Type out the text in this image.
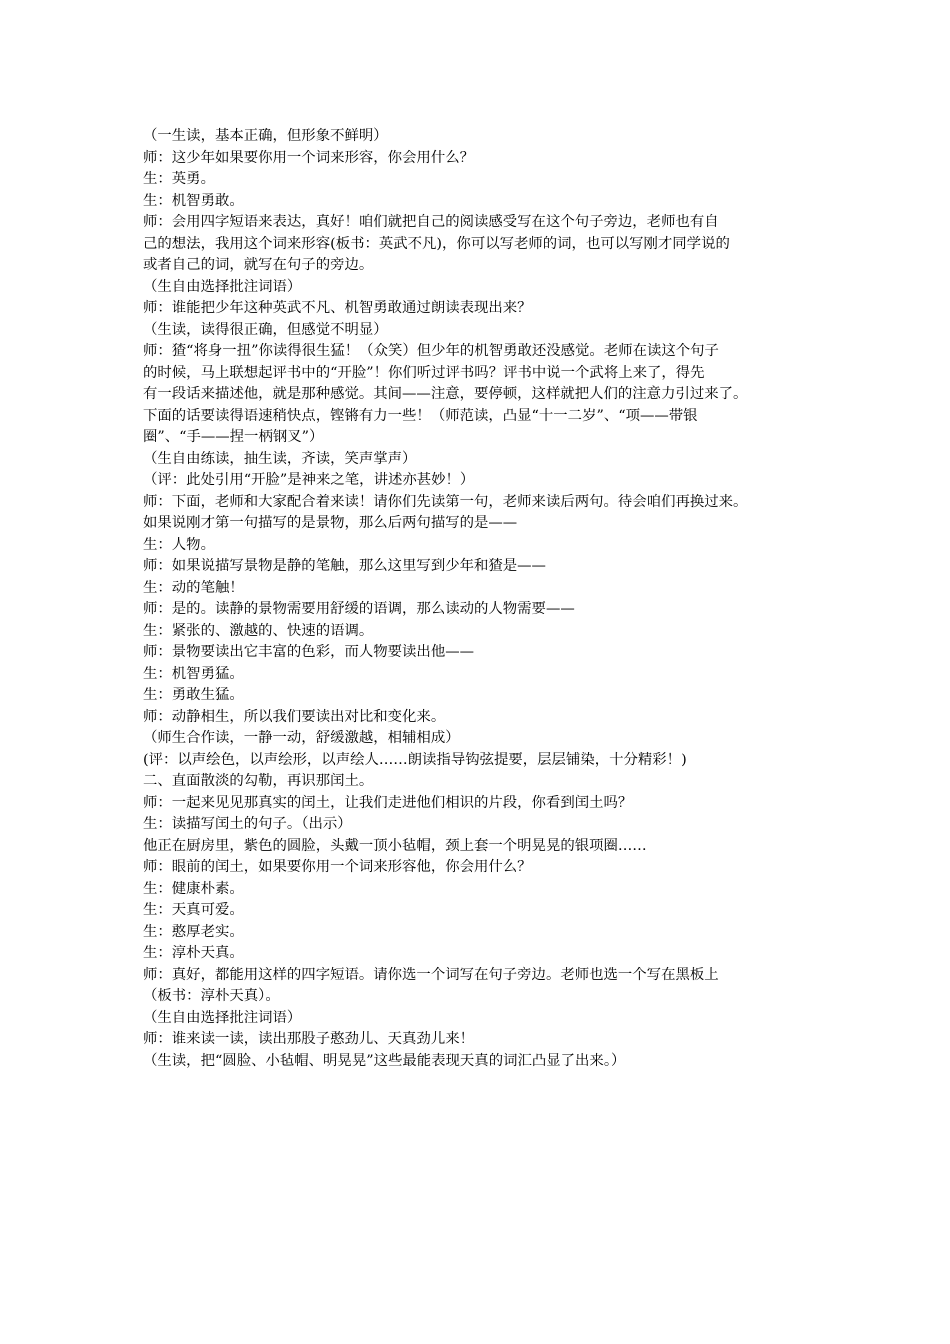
（一生读，基本正确，但形象不鲜明）
师：这少年如果要你用一个词来形容，你会用什么？
生：英勇。
生：机智勇敢。
师：会用四字短语来表达，真好！咱们就把自己的阅读感受写在这个句子旁边，老师也有自
己的想法，我用这个词来形容(板书：英武不凡)，你可以写老师的词，也可以写刚才同学说的
或者自己的词，就写在句子的旁边。
（生自由选择批注词语）
师：谁能把少年这种英武不凡、机智勇敢通过朗读表现出来？
（生读，读得很正确，但感觉不明显）
师：猹“将身一扭”你读得很生猛！（众笑）但少年的机智勇敢还没感觉。老师在读这个句子
的时候，马上联想起评书中的“开脸”！你们听过评书吗？评书中说一个武将上来了，得先
有一段话来描述他，就是那种感觉。其间——注意，要停顿，这样就把人们的注意力引过来了。
下面的话要读得语速稍快点，铿锵有力一些！（师范读，凸显“十一二岁”、“项——带银
圈”、“手——捏一柄钢叉”）
（生自由练读，抽生读，齐读，笑声掌声）
（评：此处引用“开脸”是神来之笔，讲述亦甚妙！）
师：下面，老师和大家配合着来读！请你们先读第一句，老师来读后两句。待会咱们再换过来。
如果说刚才第一句描写的是景物，那么后两句描写的是——
生：人物。
师：如果说描写景物是静的笔触，那么这里写到少年和猹是——
生：动的笔触！
师：是的。读静的景物需要用舒缓的语调，那么读动的人物需要——
生：紧张的、激越的、快速的语调。
师：景物要读出它丰富的色彩，而人物要读出他——
生：机智勇猛。
生：勇敢生猛。
师：动静相生，所以我们要读出对比和变化来。
（师生合作读，一静一动，舒缓激越，相辅相成）
(评：以声绘色，以声绘形，以声绘人……朗读指导钩弦提要，层层铺染，十分精彩！)
二、直面散淡的勾勒，再识那闰土。
师：一起来见见那真实的闰土，让我们走进他们相识的片段，你看到闰土吗？
生：读描写闰土的句子。（出示）
他正在厨房里，紫色的圆脸，头戴一顶小毡帽，颈上套一个明晃晃的银项圈……
师：眼前的闰土，如果要你用一个词来形容他，你会用什么？
生：健康朴素。
生：天真可爱。
生：憨厚老实。
生：淳朴天真。
师：真好，都能用这样的四字短语。请你选一个词写在句子旁边。老师也选一个写在黑板上
（板书：淳朴天真）。
（生自由选择批注词语）
师：谁来读一读，读出那股子憨劲儿、天真劲儿来！
（生读，把“圆脸、小毡帽、明晃晃”这些最能表现天真的词汇凸显了出来。）
